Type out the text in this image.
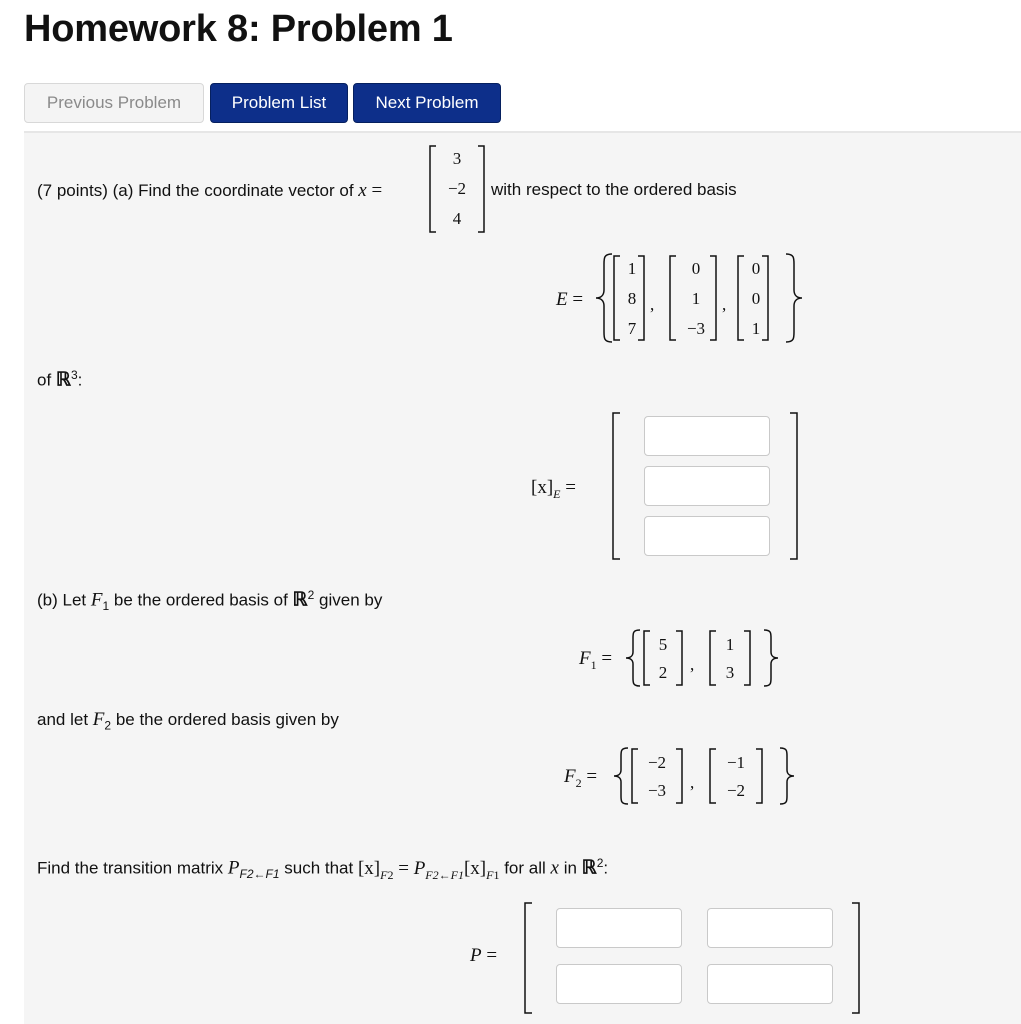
Homework 8: Problem 1
Previous Problem	Problem List	Next Problem
(7 points) (a) Find the coordinate vector of x =
3
−2
4
with respect to the ordered basis
E =
1
8
7
,
0
1
−3
,
0
0
1
of ℝ$^3$:
$[x]_E$ =
(b) Let $F_1$ be the ordered basis of ℝ$^2$ given by
$F_1$ =
5
2 ,
1
3
and let $F_2$ be the ordered basis given by
$F_2$ =
−2
−3 ,
−1
−2
Find the transition matrix $P_{F2\leftarrow F1}$ such that $[x]_{F2} = P_{F2\leftarrow F1}[x]_{F1}$ for all x in ℝ$^2$:
P =
